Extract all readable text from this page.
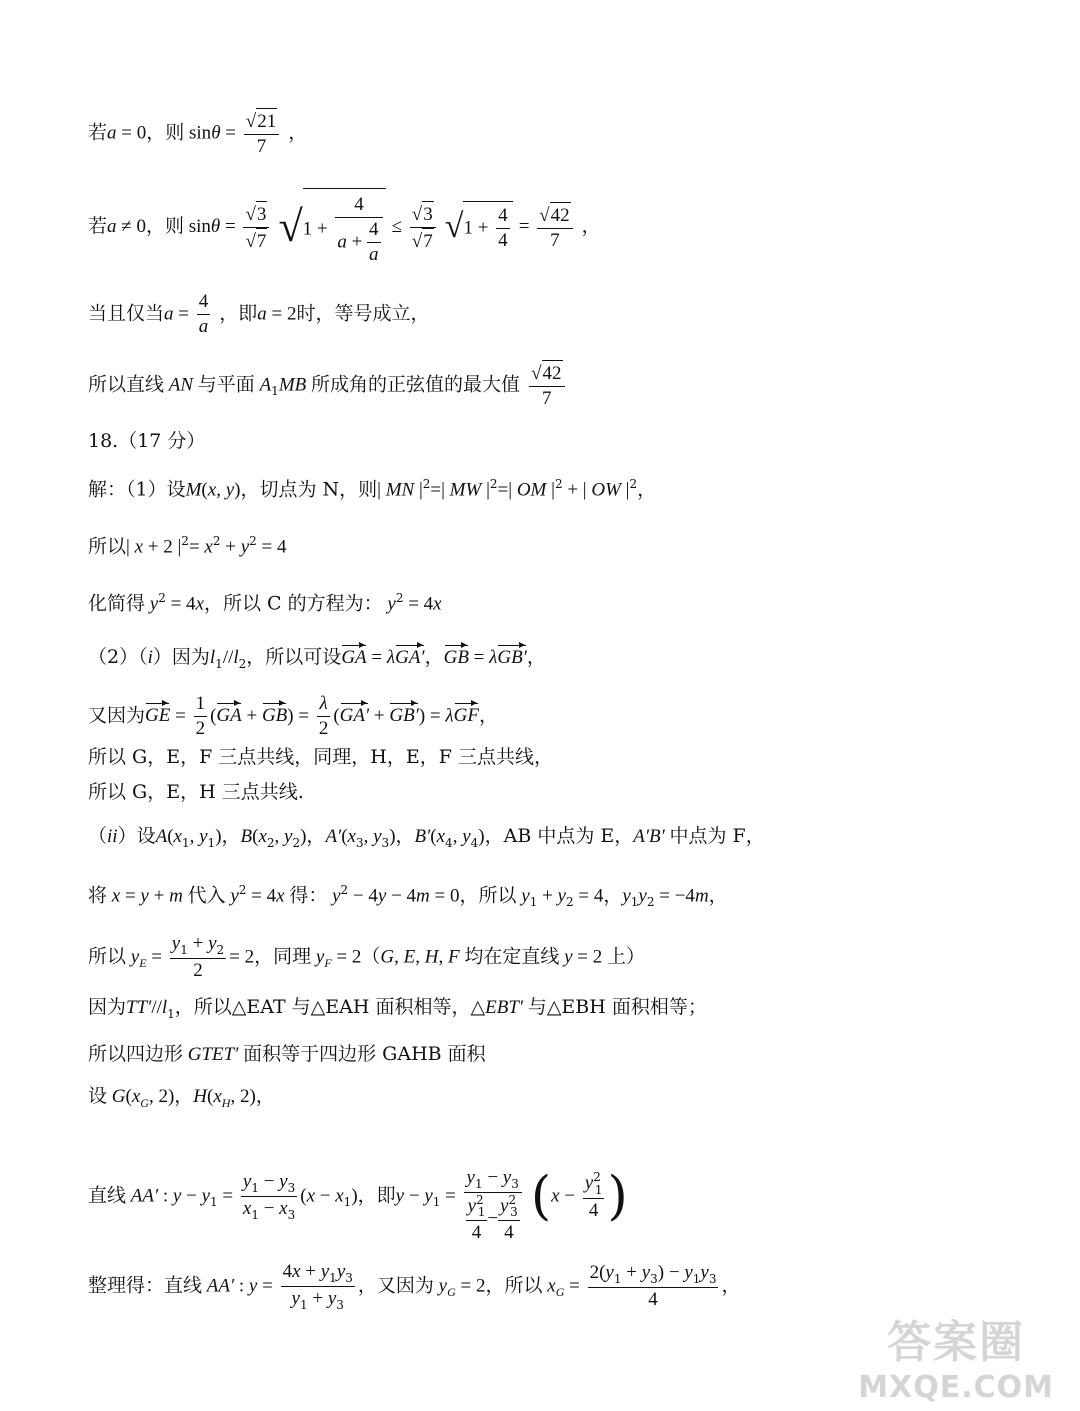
若a = 0，则 $\sin\theta = \frac{√21}{7}$ ，
若a ≠ 0，则 $\sin\theta = \frac{√3}{√7} √1 + \frac{4}{a + \frac{4}{a}} \le \frac{√3}{√7} √1 + \frac{4}{4} = \frac{√42}{7}$ ，
当且仅当$a = \frac{4}{a}$ ，即a = 2时，等号成立，
所以直线 AN 与平面 $A_1MB$ 所成角的正弦值的最大值 $\frac{√42}{7}$
18.（17 分）
解：（1）设M(x, y)，切点为 N，则| MN $|^2=|$ MW $|^2=|$ OM $|^2$ + | OW $|^2$，
所以| x + 2 $|^2= x^2 + y^2 = 4$
化简得 $y^2 = 4x$，所以 C 的方程为： $y^2 = 4x$
（2）（i）因为$l_1//l_2$，所以可设GA = λGA′，GB = λGB′，
又因为GE = $\frac{1}{2} (GA + GB) = \frac{\lambda}{2} (GA' + GB') = \lambda GF$，
所以 G，E，F 三点共线，同理，H，E，F 三点共线，
所以 G，E，H 三点共线.
（ii）设$A(x_1$, $y_1$)，$B(x_2$, $y_2$)，$A'(x_3$, $y_3$)，$B'(x_4$, $y_4$)，AB 中点为 E，A′B′ 中点为 F，
将 x = y + m 代入 $y^2 = 4x$ 得： $y^2 - 4y - 4m = 0$，所以 $y_1 + y_2 = 4$，$y_1y_2 = -4m$，
所以 $y_E = \frac{y_1 + y_2}{2} = 2$，同理 $y_F = 2(G$, E, H, F 均在定直线 y = 2 上）
因为$TT'//l_1$，所以△EAT 与△EAH 面积相等，△EBT′ 与△EBH 面积相等；
所以四边形 GTET′ 面积等于四边形 GAHB 面积
设 $G(x_G$, 2)，$H(x_H$, 2)，
直线 AA′ : $y - y_1 = \frac{y_1 - y_3}{x_1 - x_3} (x - x_1)$，即$y - y_1 = \frac{y_1 - y_3}{\frac{y^2_1}{4} - \frac{y^2_3}{4}} (x - \frac{y^2_1}{4}$ )
整理得：直线 AA′ : $y = \frac{4x + y_1y_3}{y_1 + y_3}$ ，又因为 $y_G = 2$，所以 $x_G = \frac{2(y_1 + y_3) - y_1y_3}{4}$ ，
答案圈
MXQE.COM
